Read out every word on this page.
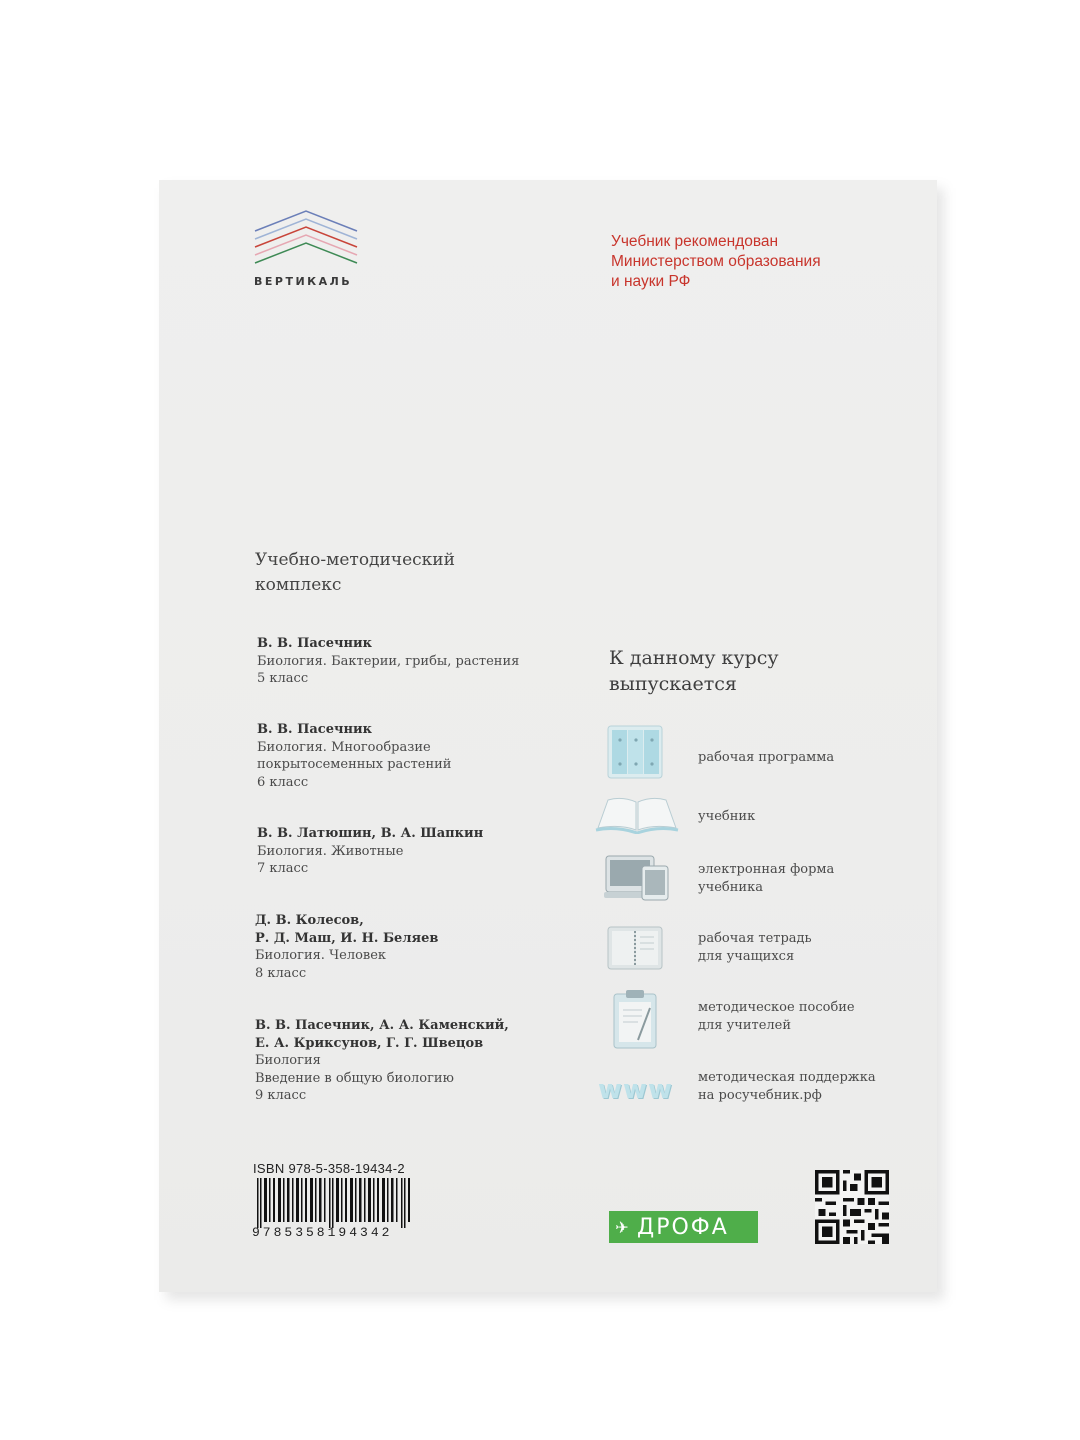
ВЕРТИКАЛЬ
Учебник рекомендован
Министерством образования
и науки РФ
Учебно-методический
комплекс
В. В. Пасечник
Биология. Бактерии, грибы, растения
5 класс
В. В. Пасечник
Биология. Многообразие
покрытосеменных растений
6 класс
В. В. Латюшин, В. А. Шапкин
Биология. Животные
7 класс
Д. В. Колесов,
Р. Д. Маш, И. Н. Беляев
Биология. Человек
8 класс
В. В. Пасечник, А. А. Каменский,
Е. А. Криксунов, Г. Г. Швецов
Биология
Введение в общую биологию
9 класс
К данному курсу
выпускается
рабочая программа
учебник
электронная форма
учебника
рабочая тетрадь
для учащихся
методическое пособие
для учителей
www методическая поддержка
на росучебник.рф
ISBN 978-5-358-19434-2
9785358194342	✈ ДРОФА
